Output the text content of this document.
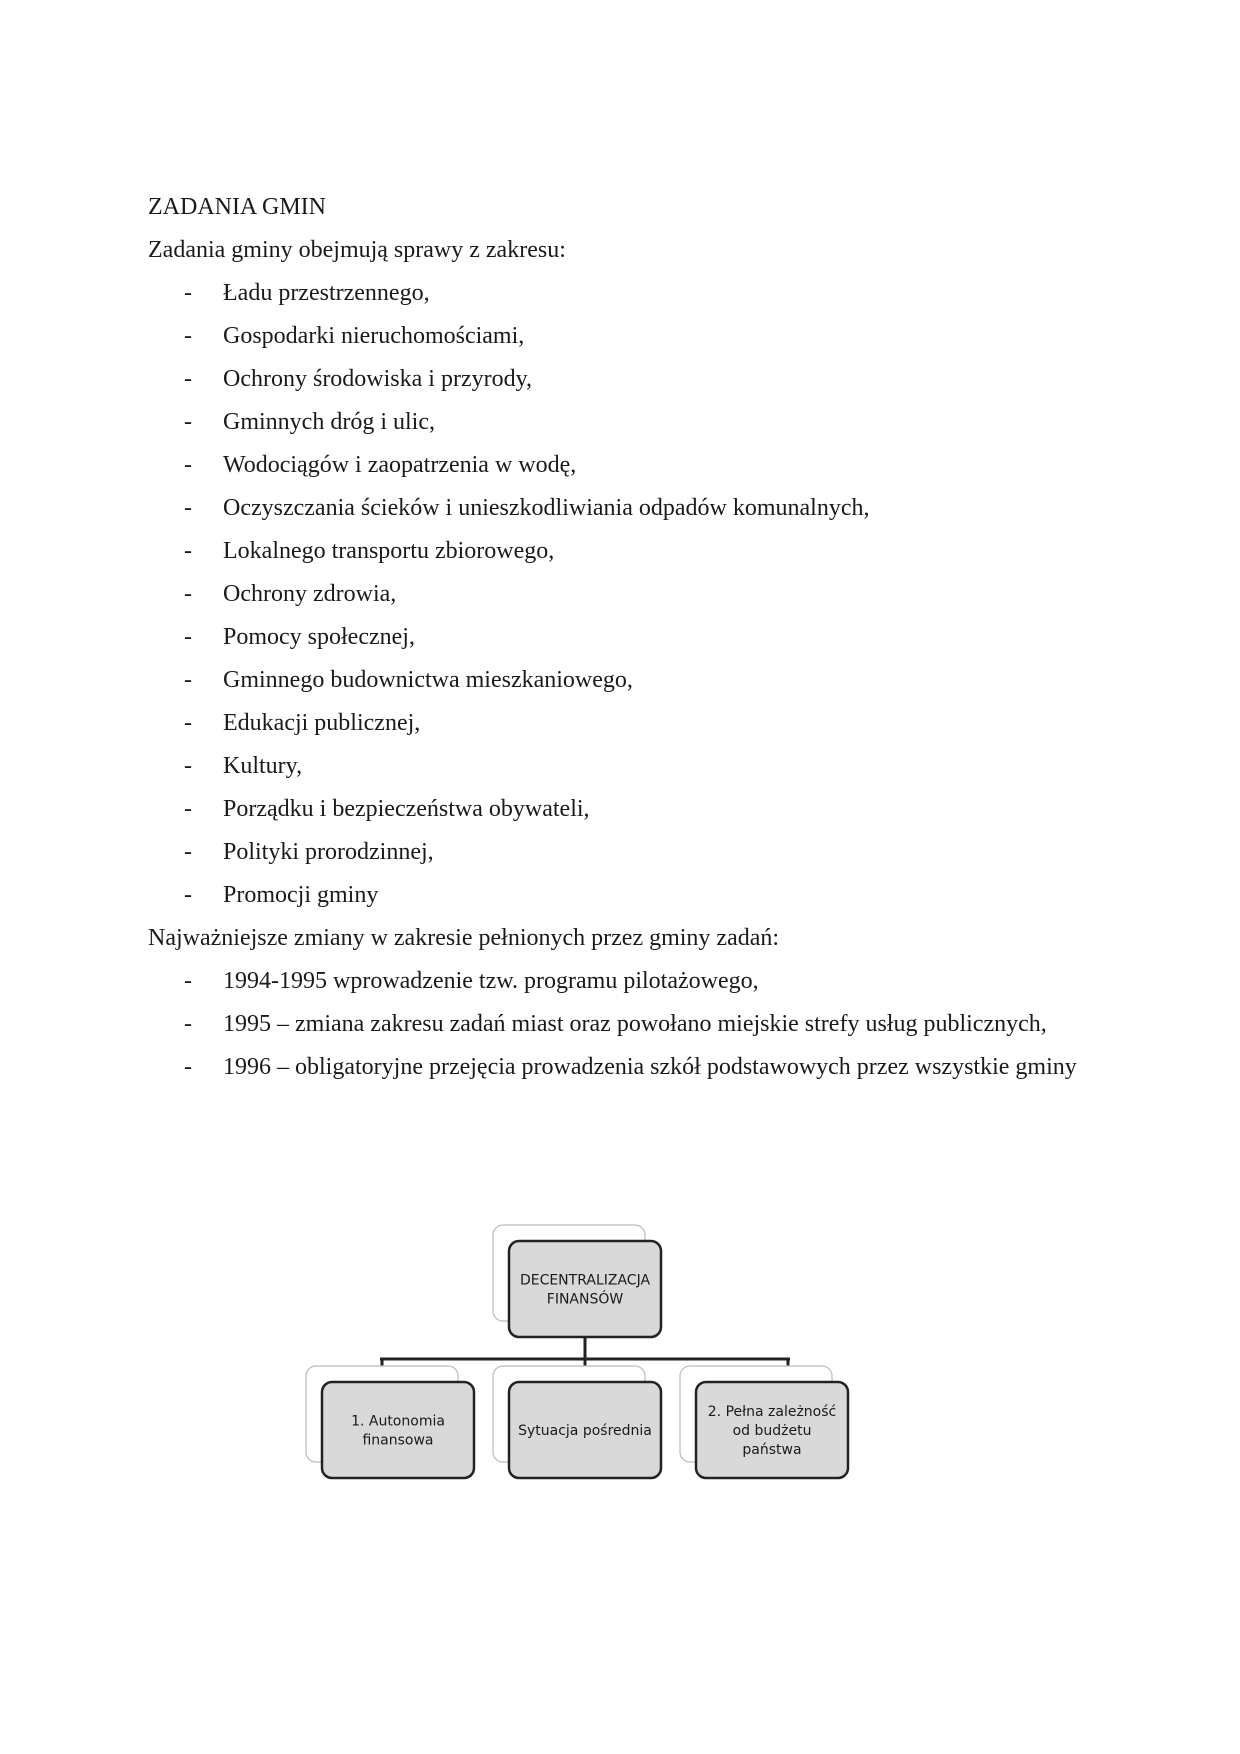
ZADANIA GMIN

Zadania gminy obejmują sprawy z zakresu:

- Ładu przestrzennego,
- Gospodarki nieruchomościami,
- Ochrony środowiska i przyrody,
- Gminnych dróg i ulic,
- Wodociągów i zaopatrzenia w wodę,
- Oczyszczania ścieków i unieszkodliwiania odpadów komunalnych,
- Lokalnego transportu zbiorowego,
- Ochrony zdrowia,
- Pomocy społecznej,
- Gminnego budownictwa mieszkaniowego,
- Edukacji publicznej,
- Kultury,
- Porządku i bezpieczeństwa obywateli,
- Polityki prorodzinnej,
- Promocji gminy

Najważniejsze zmiany w zakresie pełnionych przez gminy zadań:

- 1994-1995 wprowadzenie tzw. programu pilotażowego,
- 1995 – zmiana zakresu zadań miast oraz powołano miejskie strefy usług publicznych,
- 1996 – obligatoryjne przejęcia prowadzenia szkół podstawowych przez wszystkie gminy
DECENTRALIZACJA
FINANSÓW
1. Autonomia
finansowa
Sytuacja pośrednia
2. Pełna zależność
od budżetu
państwa
